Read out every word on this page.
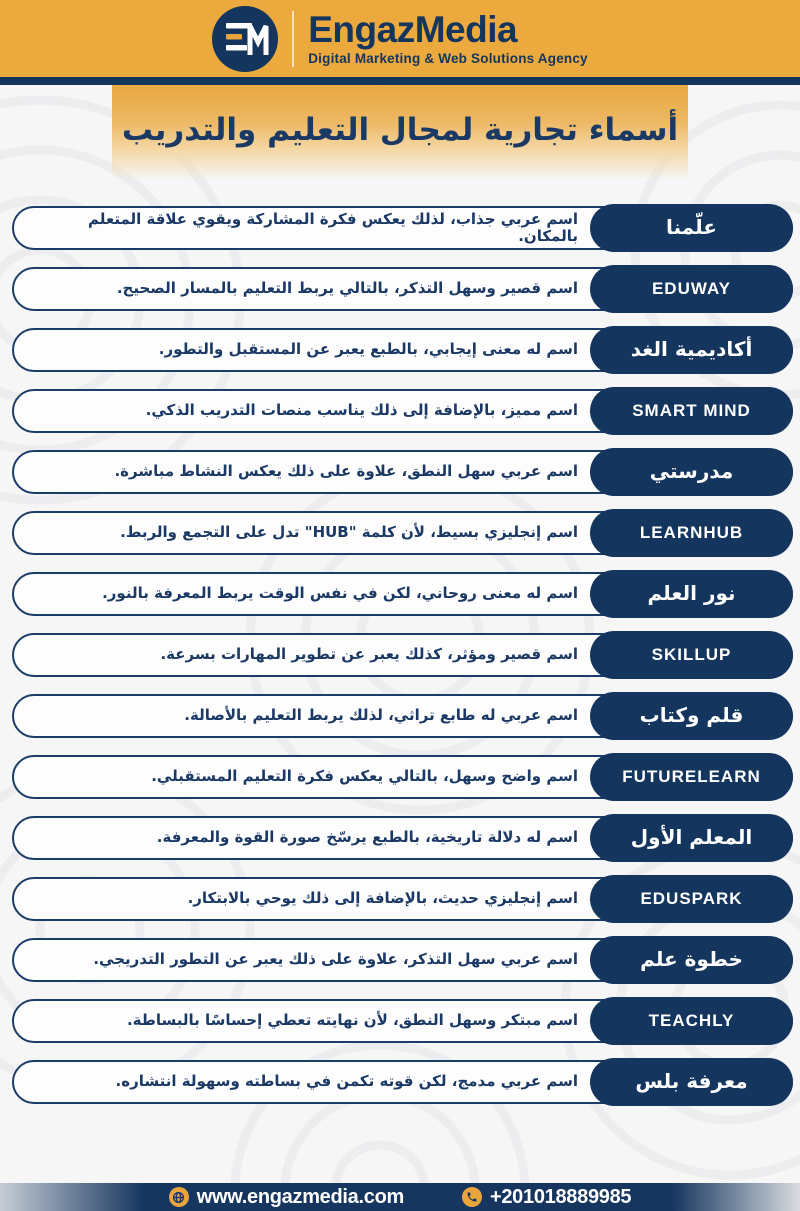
EngazMedia
Digital Marketing & Web Solutions Agency
أسماء تجارية لمجال التعليم والتدريب
علّمنا
اسم عربي جذاب، لذلك يعكس فكرة المشاركة ويقوي علاقة المتعلم بالمكان.
EDUWAY
اسم قصير وسهل التذكر، بالتالي يربط التعليم بالمسار الصحيح.
أكاديمية الغد
اسم له معنى إيجابي، بالطبع يعبر عن المستقبل والتطور.
SMART MIND
اسم مميز، بالإضافة إلى ذلك يناسب منصات التدريب الذكي.
مدرستي
اسم عربي سهل النطق، علاوة على ذلك يعكس النشاط مباشرة.
LEARNHUB
اسم إنجليزي بسيط، لأن كلمة "HUB" تدل على التجمع والربط.
نور العلم
اسم له معنى روحاني، لكن في نفس الوقت يربط المعرفة بالنور.
SKILLUP
اسم قصير ومؤثر، كذلك يعبر عن تطوير المهارات بسرعة.
قلم وكتاب
اسم عربي له طابع تراثي، لذلك يربط التعليم بالأصالة.
FUTURELEARN
اسم واضح وسهل، بالتالي يعكس فكرة التعليم المستقبلي.
المعلم الأول
اسم له دلالة تاريخية، بالطبع يرسّخ صورة القوة والمعرفة.
EDUSPARK
اسم إنجليزي حديث، بالإضافة إلى ذلك يوحي بالابتكار.
خطوة علم
اسم عربي سهل التذكر، علاوة على ذلك يعبر عن التطور التدريجي.
TEACHLY
اسم مبتكر وسهل النطق، لأن نهايته تعطي إحساسًا بالبساطة.
معرفة بلس
اسم عربي مدمج، لكن قوته تكمن في بساطته وسهولة انتشاره.
www.engazmedia.com	+201018889985
